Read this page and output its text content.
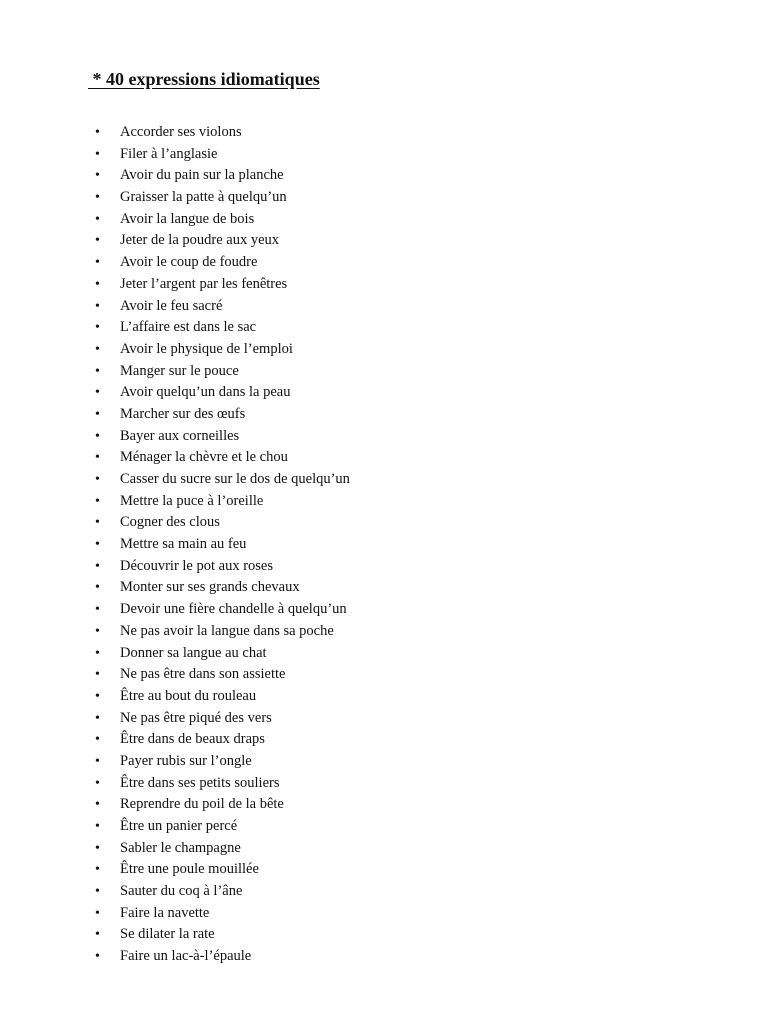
* 40 expressions idiomatiques
• Accorder ses violons
• Filer à l’anglasie
• Avoir du pain sur la planche
• Graisser la patte à quelqu’un
• Avoir la langue de bois
• Jeter de la poudre aux yeux
• Avoir le coup de foudre
• Jeter l’argent par les fenêtres
• Avoir le feu sacré
• L’affaire est dans le sac
• Avoir le physique de l’emploi
• Manger sur le pouce
• Avoir quelqu’un dans la peau
• Marcher sur des œufs
• Bayer aux corneilles
• Ménager la chèvre et le chou
• Casser du sucre sur le dos de quelqu’un
• Mettre la puce à l’oreille
• Cogner des clous
• Mettre sa main au feu
• Découvrir le pot aux roses
• Monter sur ses grands chevaux
• Devoir une fière chandelle à quelqu’un
• Ne pas avoir la langue dans sa poche
• Donner sa langue au chat
• Ne pas être dans son assiette
• Être au bout du rouleau
• Ne pas être piqué des vers
• Être dans de beaux draps
• Payer rubis sur l’ongle
• Être dans ses petits souliers
• Reprendre du poil de la bête
• Être un panier percé
• Sabler le champagne
• Être une poule mouillée
• Sauter du coq à l’âne
• Faire la navette
• Se dilater la rate
• Faire un lac-à-l’épaule
